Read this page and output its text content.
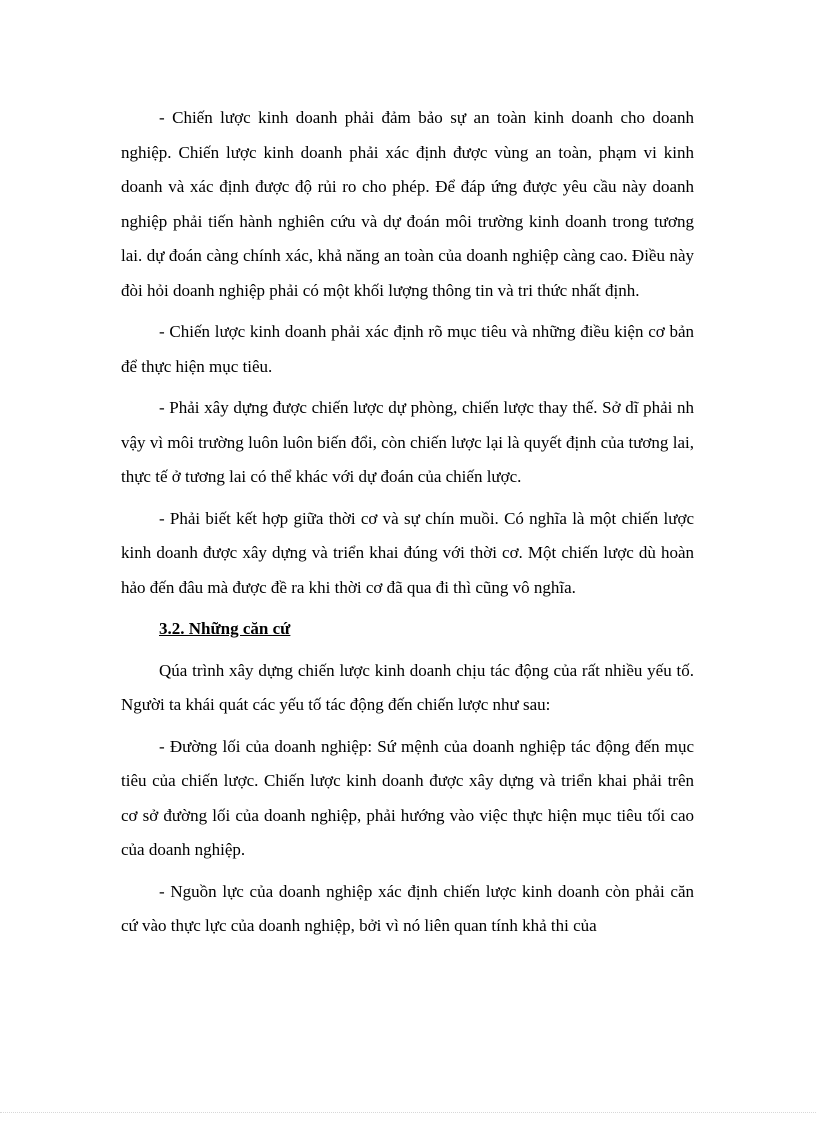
- Chiến lược kinh doanh phải đảm bảo sự an toàn kinh doanh cho doanh nghiệp. Chiến lược kinh doanh phải xác định được vùng an toàn, phạm vi kinh doanh và xác định được độ rủi ro cho phép. Để đáp ứng được yêu cầu này doanh nghiệp phải tiến hành nghiên cứu và dự đoán môi trường kinh doanh trong tương lai. dự đoán càng chính xác, khả năng an toàn của doanh nghiệp càng cao. Điều này đòi hỏi doanh nghiệp phải có một khối lượng thông tin và tri thức nhất định.

- Chiến lược kinh doanh phải xác định rõ mục tiêu và những điều kiện cơ bản để thực hiện mục tiêu.

- Phải xây dựng được chiến lược dự phòng, chiến lược thay thế. Sở dĩ phải nh vậy vì môi trường luôn luôn biến đổi, còn chiến lược lại là quyết định của tương lai, thực tế ở tương lai có thể khác với dự đoán của chiến lược.

- Phải biết kết hợp giữa thời cơ và sự chín muồi. Có nghĩa là một chiến lược kinh doanh được xây dựng và triển khai đúng với thời cơ. Một chiến lược dù hoàn hảo đến đâu mà được đề ra khi thời cơ đã qua đi thì cũng vô nghĩa.

3.2. Những căn cứ

Qúa trình xây dựng chiến lược kinh doanh chịu tác động của rất nhiều yếu tố. Người ta khái quát các yếu tố tác động đến chiến lược như sau:

- Đường lối của doanh nghiệp: Sứ mệnh của doanh nghiệp tác động đến mục tiêu của chiến lược. Chiến lược kinh doanh được xây dựng và triển khai phải trên cơ sở đường lối của doanh nghiệp, phải hướng vào việc thực hiện mục tiêu tối cao của doanh nghiệp.

- Nguồn lực của doanh nghiệp xác định chiến lược kinh doanh còn phải căn cứ vào thực lực của doanh nghiệp, bởi vì nó liên quan tính khả thi của
